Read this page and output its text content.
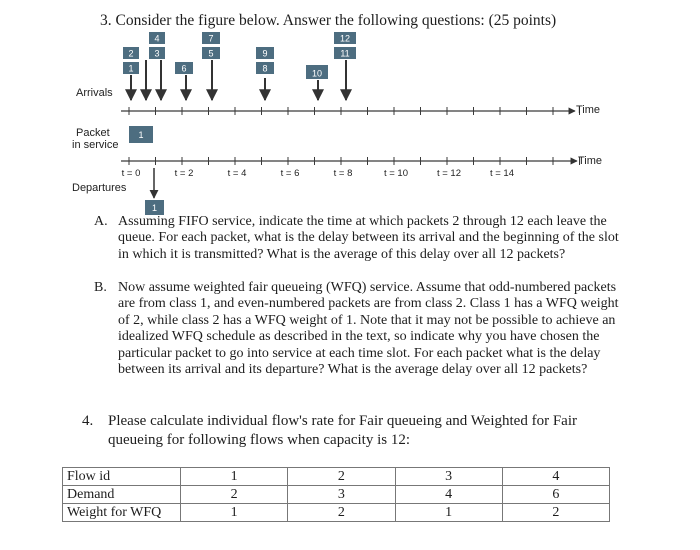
3. Consider the figure below. Answer the following questions: (25 points)
4	7	12
2 3	5	9	11
1	6	8	10
1
t = 0	t = 2	t = 4	t = 6	t = 8	t = 10	t = 12	t = 14
1
Arrivals
Time
Packet
in service
Time
Departures
A. Assuming FIFO service, indicate the time at which packets 2 through 12 each leave the queue. For each packet, what is the delay between its arrival and the beginning of the slot in which it is transmitted? What is the average of this delay over all 12 packets?
B. Now assume weighted fair queueing (WFQ) service. Assume that odd-numbered packets are from class 1, and even-numbered packets are from class 2. Class 1 has a WFQ weight of 2, while class 2 has a WFQ weight of 1. Note that it may not be possible to achieve an idealized WFQ schedule as described in the text, so indicate why you have chosen the particular packet to go into service at each time slot. For each packet what is the delay between its arrival and its departure? What is the average delay over all 12 packets?
4. Please calculate individual flow's rate for Fair queueing and Weighted for Fair queueing for following flows when capacity is 12:
Flow id	1	2	3	4
Demand	2	3	4	6
Weight for WFQ	1	2	1	2
